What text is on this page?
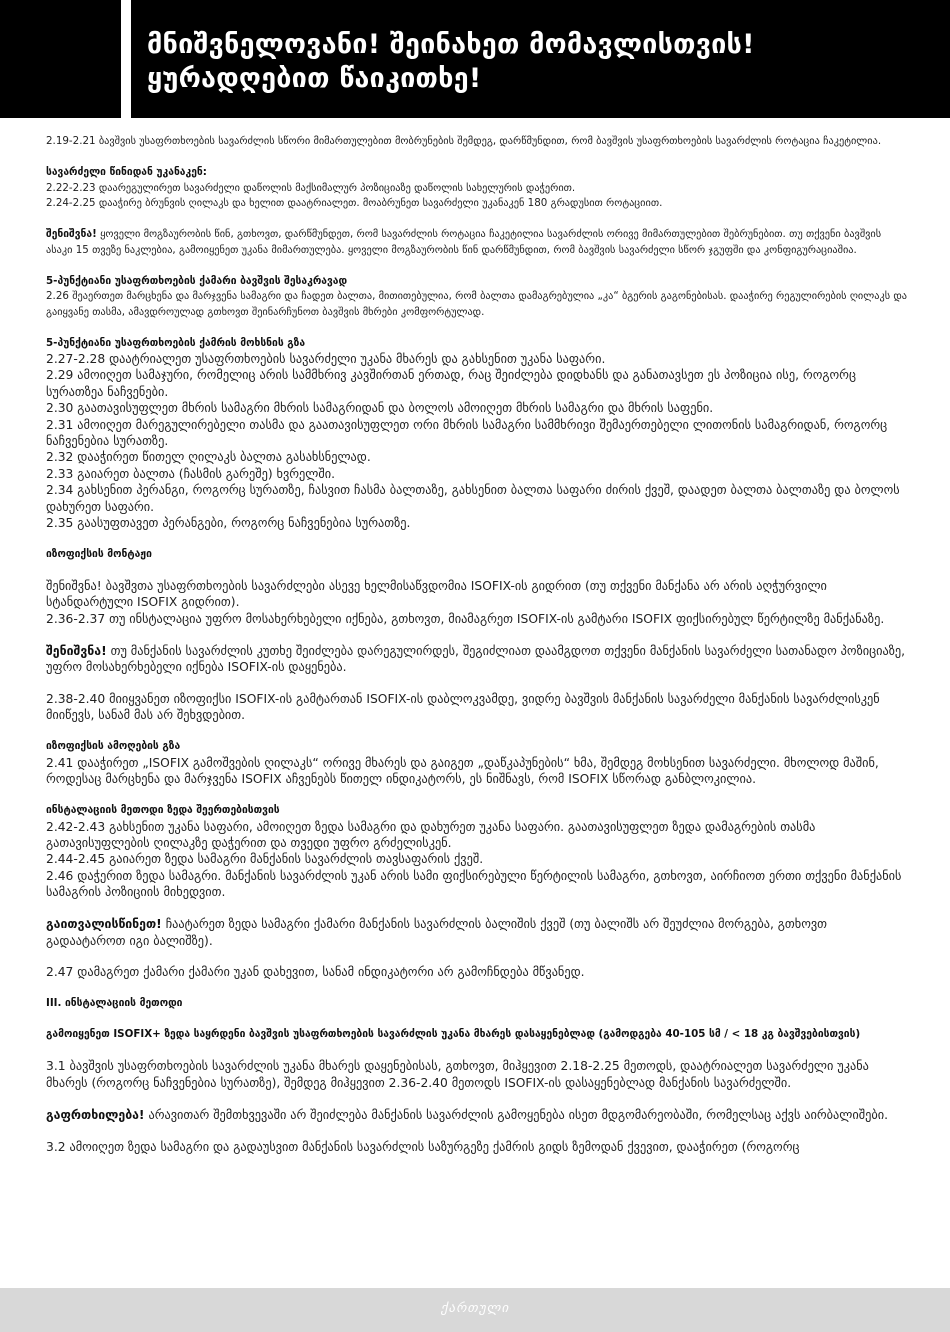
მნიშვნელოვანი! შეინახეთ მომავლისთვის!
ყურადღებით წაიკითხე!

2.19-2.21 ბავშვის უსაფრთხოების სავარძლის სწორი მიმართულებით მობრუნების შემდეგ, დარწმუნდით, რომ ბავშვის უსაფრთხოების სავარძლის როტაცია ჩაკეტილია.

სავარძელი წინიდან უკანაკენ:

2.22-2.23 დაარეგულირეთ სავარძელი დაწოლის მაქსიმალურ პოზიციაზე დაწოლის სახელურის დაჭერით.

2.24-2.25 დააჭირე ბრუნვის ღილაკს და ხელით დაატრიალეთ. მოაბრუნეთ სავარძელი უკანაკენ 180 გრადუსით როტაციით.

შენიშვნა! ყოველი მოგზაურობის წინ, გთხოვთ, დარწმუნდეთ, რომ სავარძლის როტაცია ჩაკეტილია სავარძლის ორივე მიმართულებით შებრუნებით. თუ თქვენი ბავშვის ასაკი 15 თვეზე ნაკლებია, გამოიყენეთ უკანა მიმართულება. ყოველი მოგზაურობის წინ დარწმუნდით, რომ ბავშვის სავარძელი სწორ ჯგუფში და კონფიგურაციაშია.

5-პუნქტიანი უსაფრთხოების ქამარი ბავშვის შესაკრავად

2.26 შეაერთეთ მარცხენა და მარჯვენა სამაგრი და ჩადეთ ბალთა, მითითებულია, რომ ბალთა დამაგრებულია „კა“ ბგერის გაგონებისას. დააჭირე რეგულირების ღილაკს და გაიყვანე თასმა, ამავდროულად გთხოვთ შეინარჩუნოთ ბავშვის მხრები კომფორტულად.

5-პუნქტიანი უსაფრთხოების ქამრის მოხსნის გზა

2.27-2.28 დაატრიალეთ უსაფრთხოების სავარძელი უკანა მხარეს და გახსენით უკანა საფარი.

2.29 ამოიღეთ სამაჯური, რომელიც არის სამმხრივ კავშირთან ერთად, რაც შეიძლება დიდხანს და განათავსეთ ეს პოზიცია ისე, როგორც სურათზეა ნაჩვენები.

2.30 გაათავისუფლეთ მხრის სამაგრი მხრის სამაგრიდან და ბოლოს ამოიღეთ მხრის სამაგრი და მხრის საფენი.

2.31 ამოიღეთ მარეგულირებელი თასმა და გაათავისუფლეთ ორი მხრის სამაგრი სამმხრივი შემაერთებელი ლითონის სამაგრიდან, როგორც ნაჩვენებია სურათზე.

2.32 დააჭირეთ წითელ ღილაკს ბალთა გასახსნელად.

2.33 გაიარეთ ბალთა (ჩასმის გარეშე) ხვრელში.

2.34 გახსენით პერანგი, როგორც სურათზე, ჩასვით ჩასმა ბალთაზე, გახსენით ბალთა საფარი ძირის ქვეშ, დაადეთ ბალთა ბალთაზე და ბოლოს დახურეთ საფარი.

2.35 გაასუფთავეთ პერანგები, როგორც ნაჩვენებია სურათზე.

იზოფიქსის მონტაჟი

შენიშვნა! ბავშვთა უსაფრთხოების სავარძლები ასევე ხელმისაწვდომია ISOFIX-ის გიდრით (თუ თქვენი მანქანა არ არის აღჭურვილი სტანდარტული ISOFIX გიდრით).

2.36-2.37 თუ ინსტალაცია უფრო მოსახერხებელი იქნება, გთხოვთ, მიამაგრეთ ISOFIX-ის გამტარი ISOFIX ფიქსირებულ წერტილზე მანქანაზე.

შენიშვნა! თუ მანქანის სავარძლის კუთხე შეიძლება დარეგულირდეს, შეგიძლიათ დაამგდოთ თქვენი მანქანის სავარძელი სათანადო პოზიციაზე, უფრო მოსახერხებელი იქნება ISOFIX-ის დაყენება.

2.38-2.40 მიიყვანეთ იზოფიქსი ISOFIX-ის გამტართან ISOFIX-ის დაბლოკვამდე, ვიდრე ბავშვის მანქანის სავარძელი მანქანის სავარძლისკენ მიიწევს, სანამ მას არ შეხვდებით.

იზოფიქსის ამოღების გზა

2.41 დააჭირეთ „ISOFIX გამოშვების ღილაკს“ ორივე მხარეს და გაიგეთ „დაწკაპუნების“ ხმა, შემდეგ მოხსენით სავარძელი. მხოლოდ მაშინ, როდესაც მარცხენა და მარჯვენა ISOFIX აჩვენებს წითელ ინდიკატორს, ეს ნიშნავს, რომ ISOFIX სწორად განბლოკილია.

ინსტალაციის მეთოდი ზედა შეერთებისთვის

2.42-2.43 გახსენით უკანა საფარი, ამოიღეთ ზედა სამაგრი და დახურეთ უკანა საფარი. გაათავისუფლეთ ზედა დამაგრების თასმა გათავისუფლების ღილაკზე დაჭერით და თვედი უფრო გრძელისკენ.

2.44-2.45 გაიარეთ ზედა სამაგრი მანქანის სავარძლის თავსაფარის ქვეშ.

2.46 დაჭერით ზედა სამაგრი. მანქანის სავარძლის უკან არის სამი ფიქსირებული წერტილის სამაგრი, გთხოვთ, აირჩიოთ ერთი თქვენი მანქანის სამაგრის პოზიციის მიხედვით.

გაითვალისწინეთ! ჩაატარეთ ზედა სამაგრი ქამარი მანქანის სავარძლის ბალიშის ქვეშ (თუ ბალიშს არ შეუძლია მორგება, გთხოვთ გადაატაროთ იგი ბალიშზე).

2.47 დამაგრეთ ქამარი ქამარი უკან დახევით, სანამ ინდიკატორი არ გამოჩნდება მწვანედ.

III. ინსტალაციის მეთოდი

გამოიყენეთ ISOFIX+ ზედა საყრდენი ბავშვის უსაფრთხოების სავარძლის უკანა მხარეს დასაყენებლად (გამოდგება 40-105 სმ / < 18 კგ ბავშვებისთვის)

3.1 ბავშვის უსაფრთხოების სავარძლის უკანა მხარეს დაყენებისას, გთხოვთ, მიჰყევით 2.18-2.25 მეთოდს, დაატრიალეთ სავარძელი უკანა მხარეს (როგორც ნაჩვენებია სურათზე), შემდეგ მიჰყევით 2.36-2.40 მეთოდს ISOFIX-ის დასაყენებლად მანქანის სავარძელში.

გაფრთხილება! არავითარ შემთხვევაში არ შეიძლება მანქანის სავარძლის გამოყენება ისეთ მდგომარეობაში, რომელსაც აქვს აირბალიშები.

3.2 ამოიღეთ ზედა სამაგრი და გადაუსვით მანქანის სავარძლის საზურგეზე ქამრის გიდს ზემოდან ქვევით, დააჭირეთ (როგორც

ქართული
